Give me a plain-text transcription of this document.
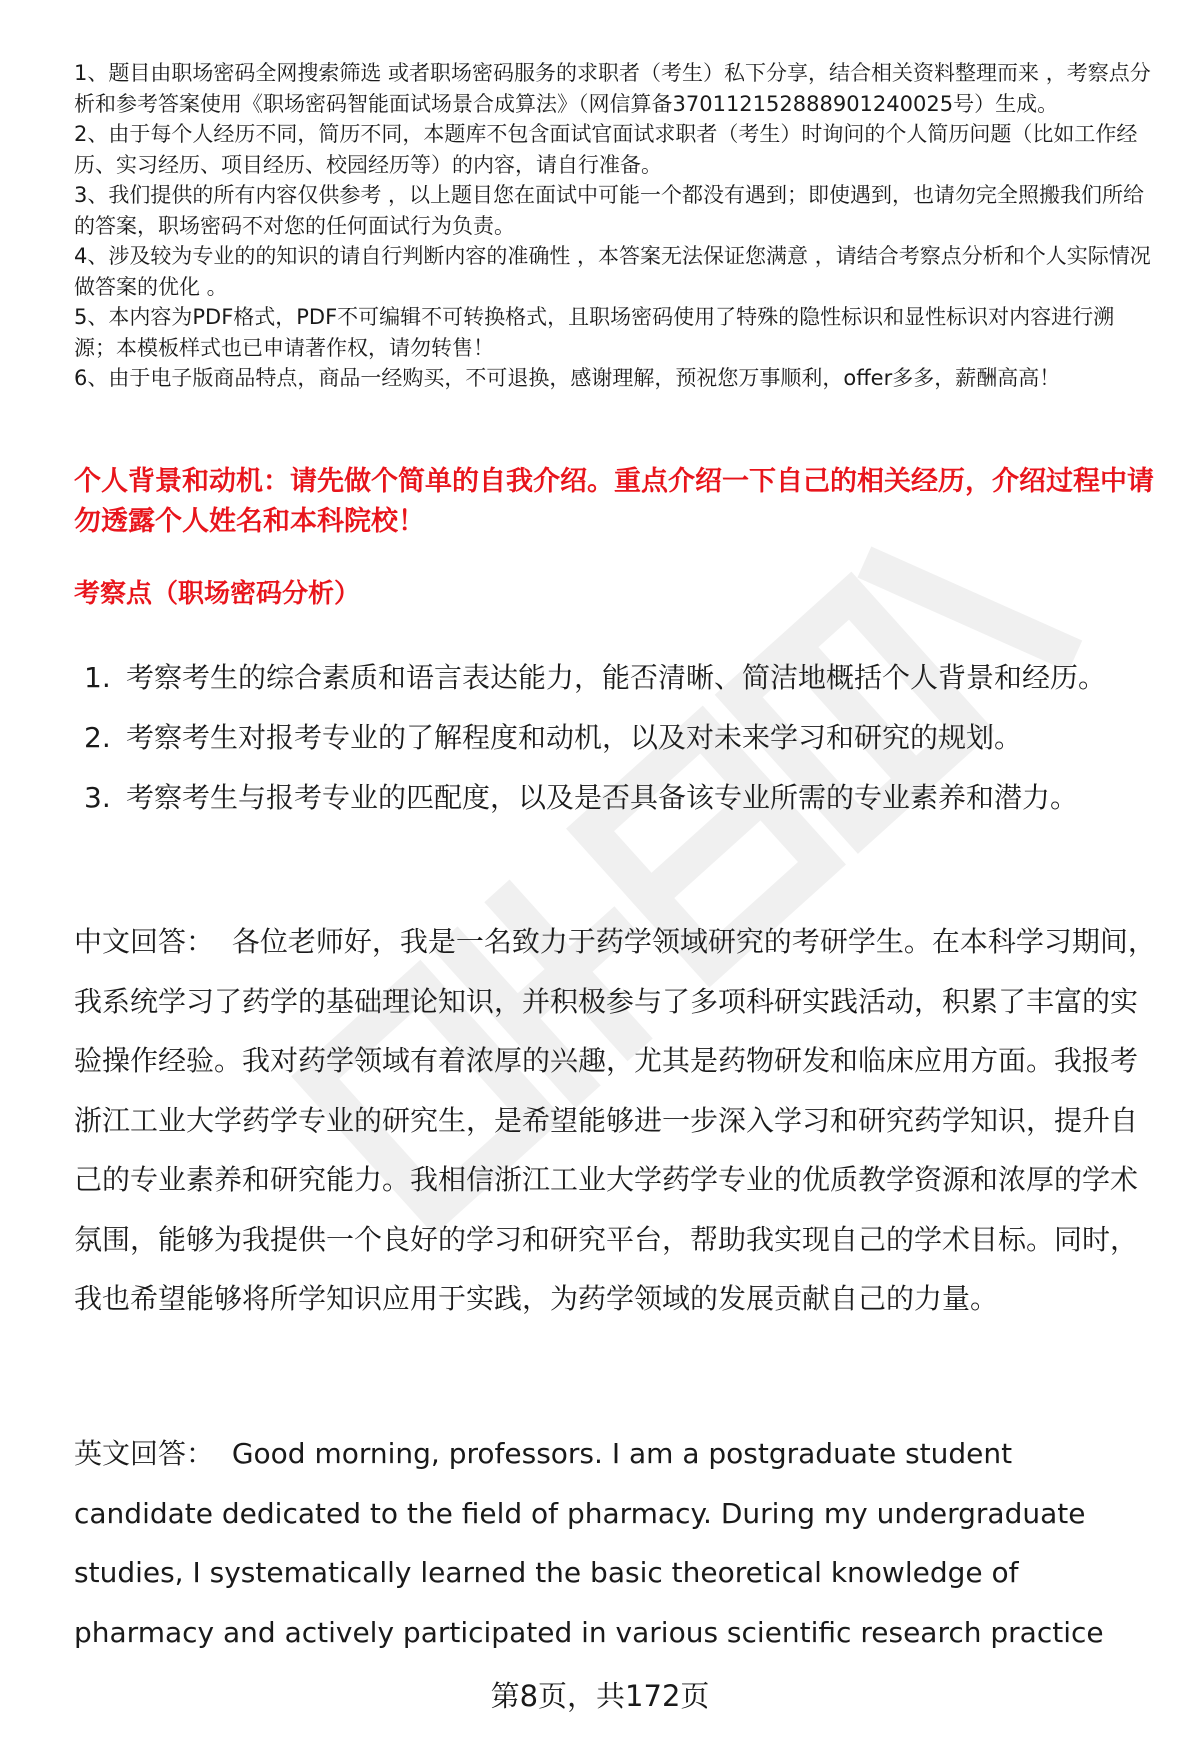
1、题目由职场密码全网搜索筛选 或者职场密码服务的求职者（考生）私下分享，结合相关资料整理而来 ，考察点分析和参考答案使用《职场密码智能面试场景合成算法》（网信算备370112152888901240025号）生成。

2、由于每个人经历不同，简历不同，本题库不包含面试官面试求职者（考生）时询问的个人简历问题（比如工作经历、实习经历、项目经历、校园经历等）的内容，请自行准备。

3、我们提供的所有内容仅供参考 ，以上题目您在面试中可能一个都没有遇到；即使遇到，也请勿完全照搬我们所给的答案，职场密码不对您的任何面试行为负责。

4、涉及较为专业的的知识的请自行判断内容的准确性 ，本答案无法保证您满意 ，请结合考察点分析和个人实际情况做答案的优化 。

5、本内容为PDF格式，PDF不可编辑不可转换格式，且职场密码使用了特殊的隐性标识和显性标识对内容进行溯源；本模板样式也已申请著作权，请勿转售！

6、由于电子版商品特点，商品一经购买，不可退换，感谢理解，预祝您万事顺利，offer多多，薪酬高高！

个人背景和动机：请先做个简单的自我介绍。重点介绍一下自己的相关经历，介绍过程中请勿透露个人姓名和本科院校！
考察点（职场密码分析）
1. 考察考生的综合素质和语言表达能力，能否清晰、简洁地概括个人背景和经历。
2. 考察考生对报考专业的了解程度和动机，以及对未来学习和研究的规划。
3. 考察考生与报考专业的匹配度，以及是否具备该专业所需的专业素养和潜力。

中文回答： 各位老师好，我是一名致力于药学领域研究的考研学生。在本科学习期间，我系统学习了药学的基础理论知识，并积极参与了多项科研实践活动，积累了丰富的实验操作经验。我对药学领域有着浓厚的兴趣，尤其是药物研发和临床应用方面。我报考浙江工业大学药学专业的研究生，是希望能够进一步深入学习和研究药学知识，提升自己的专业素养和研究能力。我相信浙江工业大学药学专业的优质教学资源和浓厚的学术氛围，能够为我提供一个良好的学习和研究平台，帮助我实现自己的学术目标。同时，我也希望能够将所学知识应用于实践，为药学领域的发展贡献自己的力量。

英文回答： Good morning, professors. I am a postgraduate student candidate dedicated to the field of pharmacy. During my undergraduate studies, I systematically learned the basic theoretical knowledge of pharmacy and actively participated in various scientific research practice

第8页，共172页
